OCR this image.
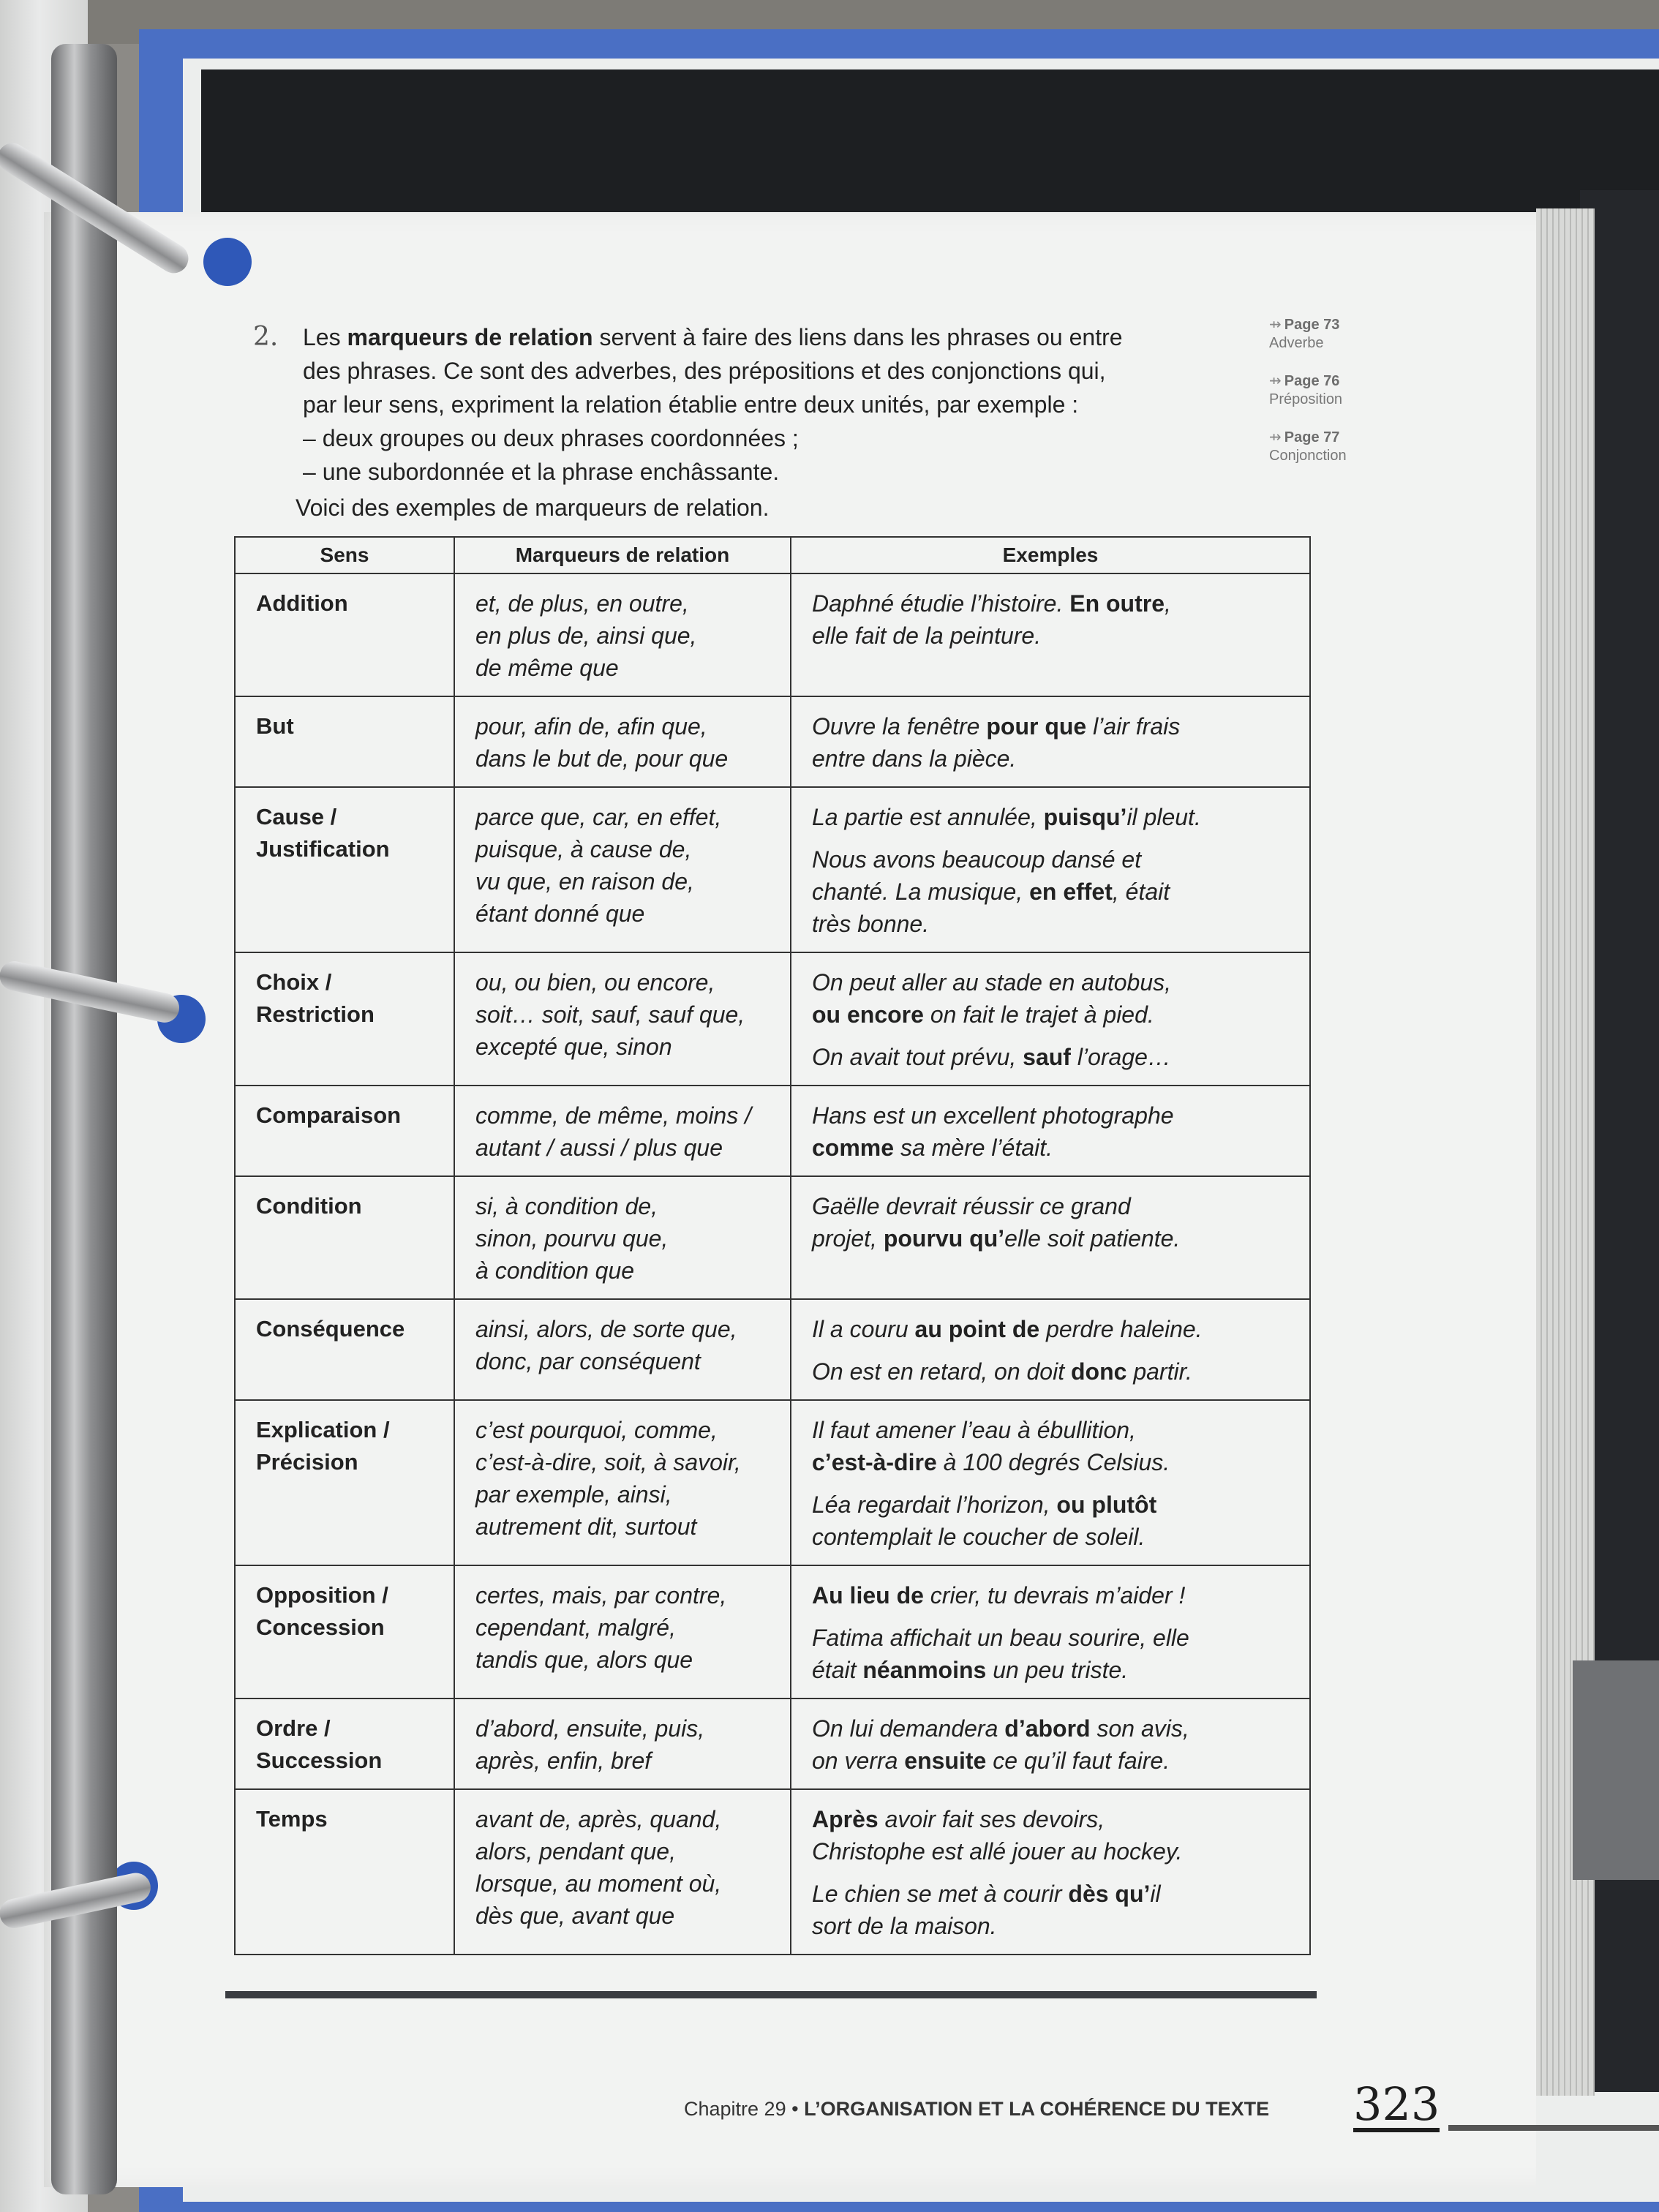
2. Les marqueurs de relation servent à faire des liens dans les phrases ou entre
des phrases. Ce sont des adverbes, des prépositions et des conjonctions qui,
par leur sens, expriment la relation établie entre deux unités, par exemple :
– deux groupes ou deux phrases coordonnées ;
– une subordonnée et la phrase enchâssante.

Voici des exemples de marqueurs de relation.
⇸ Page 73
Adverbe
⇸ Page 76
Préposition
⇸ Page 77
Conjonction
Sens	Marqueurs de relation	Exemples
Addition	et, de plus, en outre,
en plus de, ainsi que,
de même que	Daphné étudie l’histoire. En outre,
elle fait de la peinture.

But	pour, afin de, afin que,
dans le but de, pour que	Ouvre la fenêtre pour que l’air frais
entre dans la pièce.

Cause /
Justification	parce que, car, en effet,
puisque, à cause de,
vu que, en raison de,
étant donné que	La partie est annulée, puisqu’il pleut.
Nous avons beaucoup dansé et
chanté. La musique, en effet, était
très bonne.

Choix /
Restriction	ou, ou bien, ou encore,
soit… soit, sauf, sauf que,
excepté que, sinon	On peut aller au stade en autobus,
ou encore on fait le trajet à pied.
On avait tout prévu, sauf l’orage…

Comparaison	comme, de même, moins /
autant / aussi / plus que	Hans est un excellent photographe
comme sa mère l’était.

Condition	si, à condition de,
sinon, pourvu que,
à condition que	Gaëlle devrait réussir ce grand
projet, pourvu qu’elle soit patiente.

Conséquence	ainsi, alors, de sorte que,
donc, par conséquent	Il a couru au point de perdre haleine.
On est en retard, on doit donc partir.

Explication /
Précision	c’est pourquoi, comme,
c’est-à-dire, soit, à savoir,
par exemple, ainsi,
autrement dit, surtout	Il faut amener l’eau à ébullition,
c’est-à-dire à 100 degrés Celsius.
Léa regardait l’horizon, ou plutôt
contemplait le coucher de soleil.

Opposition /
Concession	certes, mais, par contre,
cependant, malgré,
tandis que, alors que	Au lieu de crier, tu devrais m’aider !
Fatima affichait un beau sourire, elle
était néanmoins un peu triste.

Ordre /
Succession	d’abord, ensuite, puis,
après, enfin, bref	On lui demandera d’abord son avis,
on verra ensuite ce qu’il faut faire.

Temps	avant de, après, quand,
alors, pendant que,
lorsque, au moment où,
dès que, avant que	Après avoir fait ses devoirs,
Christophe est allé jouer au hockey.
Le chien se met à courir dès qu’il
sort de la maison.
Chapitre 29 • L’ORGANISATION ET LA COHÉRENCE DU TEXTE 323
